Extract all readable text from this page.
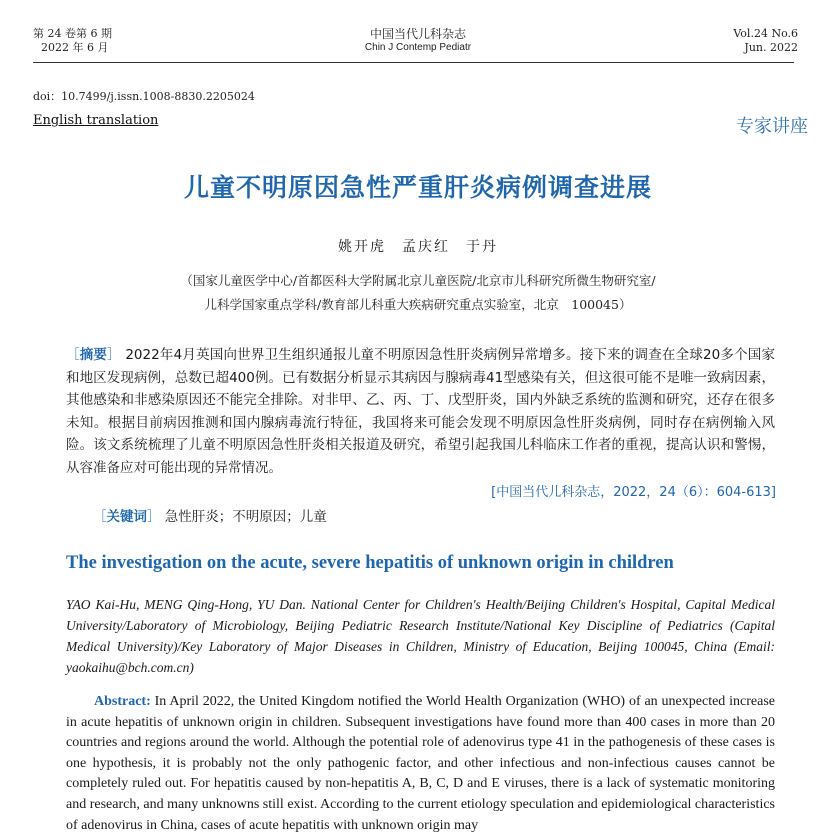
第 24 卷第 6 期
2022 年 6 月
中国当代儿科杂志
Chin J Contemp Pediatr
Vol.24 No.6
Jun. 2022
doi：10.7499/j.issn.1008-8830.2205024
English translation	专家讲座
儿童不明原因急性严重肝炎病例调查进展
姚开虎　孟庆红　于丹
（国家儿童医学中心/首都医科大学附属北京儿童医院/北京市儿科研究所微生物研究室/
儿科学国家重点学科/教育部儿科重大疾病研究重点实验室，北京　100045）
［摘要］ 2022年4月英国向世界卫生组织通报儿童不明原因急性肝炎病例异常增多。接下来的调查在全球20多个国家和地区发现病例，总数已超400例。已有数据分析显示其病因与腺病毒41型感染有关，但这很可能不是唯一致病因素，其他感染和非感染原因还不能完全排除。对非甲、乙、丙、丁、戊型肝炎，国内外缺乏系统的监测和研究，还存在很多未知。根据目前病因推测和国内腺病毒流行特征，我国将来可能会发现不明原因急性肝炎病例，同时存在病例输入风险。该文系统梳理了儿童不明原因急性肝炎相关报道及研究，希望引起我国儿科临床工作者的重视，提高认识和警惕，从容准备应对可能出现的异常情况。
[中国当代儿科杂志，2022，24（6）：604-613]
［关键词］ 急性肝炎；不明原因；儿童
The investigation on the acute, severe hepatitis of unknown origin in children
YAO Kai-Hu, MENG Qing-Hong, YU Dan. National Center for Children's Health/Beijing Children's Hospital, Capital Medical University/Laboratory of Microbiology, Beijing Pediatric Research Institute/National Key Discipline of Pediatrics (Capital Medical University)/Key Laboratory of Major Diseases in Children, Ministry of Education, Beijing 100045, China (Email: yaokaihu@bch.com.cn)
Abstract: In April 2022, the United Kingdom notified the World Health Organization (WHO) of an unexpected increase in acute hepatitis of unknown origin in children. Subsequent investigations have found more than 400 cases in more than 20 countries and regions around the world. Although the potential role of adenovirus type 41 in the pathogenesis of these cases is one hypothesis, it is probably not the only pathogenic factor, and other infectious and non-infectious causes cannot be completely ruled out. For hepatitis caused by non-hepatitis A, B, C, D and E viruses, there is a lack of systematic monitoring and research, and many unknowns still exist. According to the current etiology speculation and epidemiological characteristics of adenovirus in China, cases of acute hepatitis with unknown origin may
